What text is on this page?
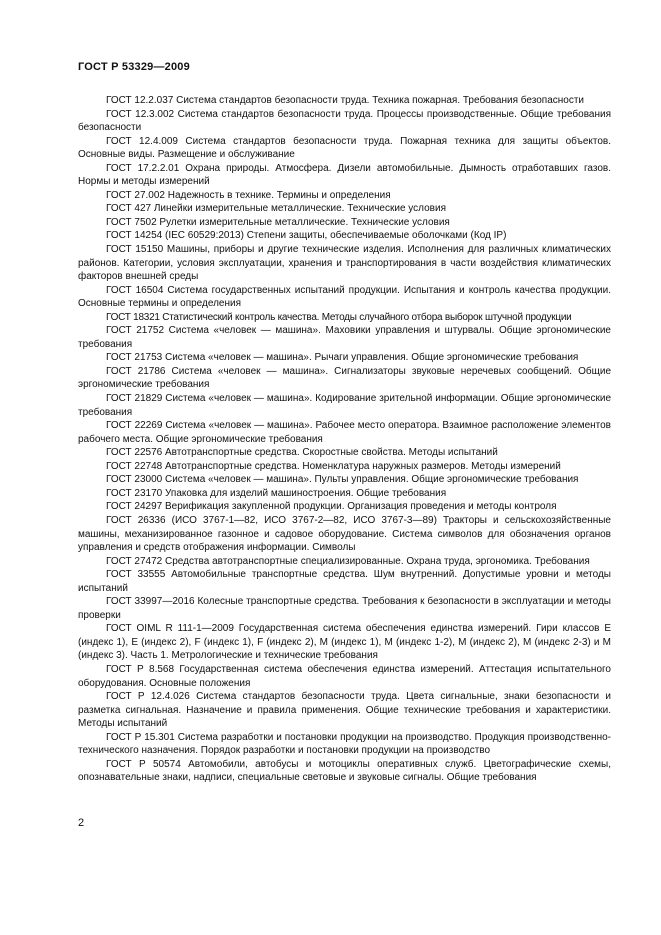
ГОСТ Р 53329—2009

ГОСТ 12.2.037 Система стандартов безопасности труда. Техника пожарная. Требования безопасности

ГОСТ 12.3.002 Система стандартов безопасности труда. Процессы производственные. Общие требования безопасности

ГОСТ 12.4.009 Система стандартов безопасности труда. Пожарная техника для защиты объектов. Основные виды. Размещение и обслуживание

ГОСТ 17.2.2.01 Охрана природы. Атмосфера. Дизели автомобильные. Дымность отработавших газов. Нормы и методы измерений

ГОСТ 27.002 Надежность в технике. Термины и определения

ГОСТ 427 Линейки измерительные металлические. Технические условия

ГОСТ 7502 Рулетки измерительные металлические. Технические условия

ГОСТ 14254 (IEC 60529:2013) Степени защиты, обеспечиваемые оболочками (Код IP)

ГОСТ 15150 Машины, приборы и другие технические изделия. Исполнения для различных климатических районов. Категории, условия эксплуатации, хранения и транспортирования в части воздействия климатических факторов внешней среды

ГОСТ 16504 Система государственных испытаний продукции. Испытания и контроль качества продукции. Основные термины и определения

ГОСТ 18321 Статистический контроль качества. Методы случайного отбора выборок штучной продукции

ГОСТ 21752 Система «человек — машина». Маховики управления и штурвалы. Общие эргономические требования

ГОСТ 21753 Система «человек — машина». Рычаги управления. Общие эргономические требования

ГОСТ 21786 Система «человек — машина». Сигнализаторы звуковые неречевых сообщений. Общие эргономические требования

ГОСТ 21829 Система «человек — машина». Кодирование зрительной информации. Общие эргономические требования

ГОСТ 22269 Система «человек — машина». Рабочее место оператора. Взаимное расположение элементов рабочего места. Общие эргономические требования

ГОСТ 22576 Автотранспортные средства. Скоростные свойства. Методы испытаний

ГОСТ 22748 Автотранспортные средства. Номенклатура наружных размеров. Методы измерений

ГОСТ 23000 Система «человек — машина». Пульты управления. Общие эргономические требования

ГОСТ 23170 Упаковка для изделий машиностроения. Общие требования

ГОСТ 24297 Верификация закупленной продукции. Организация проведения и методы контроля

ГОСТ 26336 (ИСО 3767-1—82, ИСО 3767-2—82, ИСО 3767-3—89) Тракторы и сельскохозяйственные машины, механизированное газонное и садовое оборудование. Система символов для обозначения органов управления и средств отображения информации. Символы

ГОСТ 27472 Средства автотранспортные специализированные. Охрана труда, эргономика. Требования

ГОСТ 33555 Автомобильные транспортные средства. Шум внутренний. Допустимые уровни и методы испытаний

ГОСТ 33997—2016 Колесные транспортные средства. Требования к безопасности в эксплуатации и методы проверки

ГОСТ OIML R 111-1—2009 Государственная система обеспечения единства измерений. Гири классов E (индекс 1), E (индекс 2), F (индекс 1), F (индекс 2), M (индекс 1), M (индекс 1-2), M (индекс 2), M (индекс 2-3) и M (индекс 3). Часть 1. Метрологические и технические требования

ГОСТ Р 8.568 Государственная система обеспечения единства измерений. Аттестация испытательного оборудования. Основные положения

ГОСТ Р 12.4.026 Система стандартов безопасности труда. Цвета сигнальные, знаки безопасности и разметка сигнальная. Назначение и правила применения. Общие технические требования и характеристики. Методы испытаний

ГОСТ Р 15.301 Система разработки и постановки продукции на производство. Продукция производственно-технического назначения. Порядок разработки и постановки продукции на производство

ГОСТ Р 50574 Автомобили, автобусы и мотоциклы оперативных служб. Цветографические схемы, опознавательные знаки, надписи, специальные световые и звуковые сигналы. Общие требования

2
